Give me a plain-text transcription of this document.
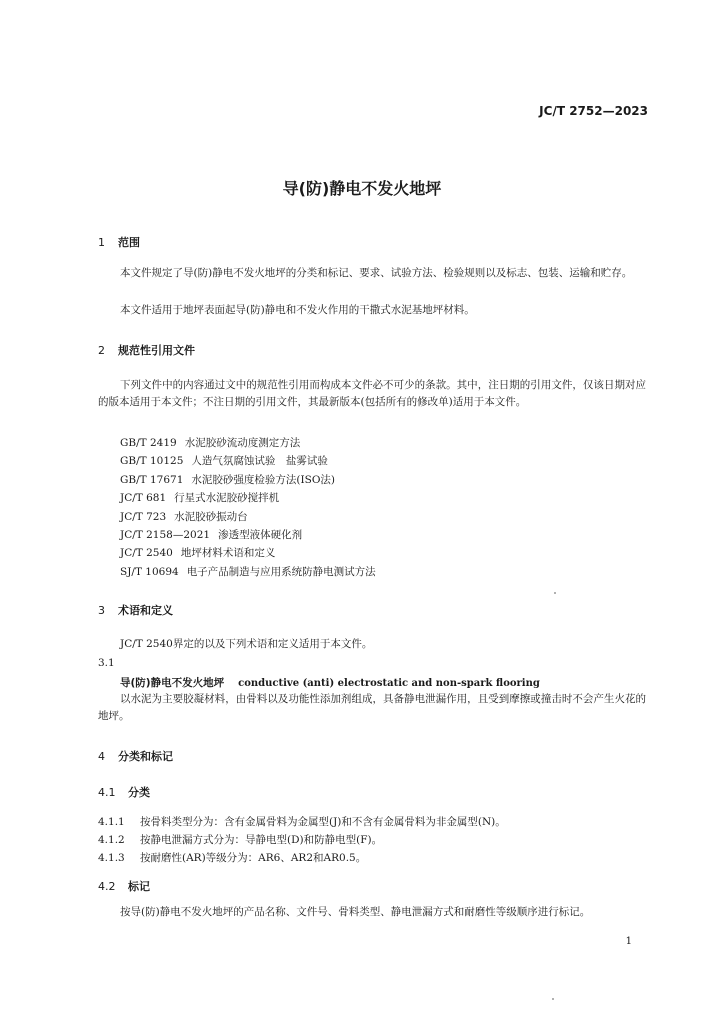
JC/T 2752—2023
导(防)静电不发火地坪
1 范围
本文件规定了导(防)静电不发火地坪的分类和标记、要求、试验方法、检验规则以及标志、包装、运输和贮存。
本文件适用于地坪表面起导(防)静电和不发火作用的干撒式水泥基地坪材料。
2 规范性引用文件
下列文件中的内容通过文中的规范性引用而构成本文件必不可少的条款。其中，注日期的引用文件，仅该日期对应的版本适用于本文件；不注日期的引用文件，其最新版本(包括所有的修改单)适用于本文件。
GB/T 2419 水泥胶砂流动度测定方法
GB/T 10125 人造气氛腐蚀试验　盐雾试验
GB/T 17671 水泥胶砂强度检验方法(ISO法)
JC/T 681 行星式水泥胶砂搅拌机
JC/T 723 水泥胶砂振动台
JC/T 2158—2021 渗透型液体硬化剂
JC/T 2540 地坪材料术语和定义
SJ/T 10694 电子产品制造与应用系统防静电测试方法
3 术语和定义
JC/T 2540界定的以及下列术语和定义适用于本文件。
3.1
导(防)静电不发火地坪 conductive (anti) electrostatic and non-spark flooring
以水泥为主要胶凝材料，由骨料以及功能性添加剂组成，具备静电泄漏作用，且受到摩擦或撞击时不会产生火花的地坪。
4 分类和标记
4.1 分类
4.1.1 按骨料类型分为：含有金属骨料为金属型(J)和不含有金属骨料为非金属型(N)。
4.1.2 按静电泄漏方式分为：导静电型(D)和防静电型(F)。
4.1.3 按耐磨性(AR)等级分为：AR6、AR2和AR0.5。
4.2 标记
按导(防)静电不发火地坪的产品名称、文件号、骨料类型、静电泄漏方式和耐磨性等级顺序进行标记。
1
